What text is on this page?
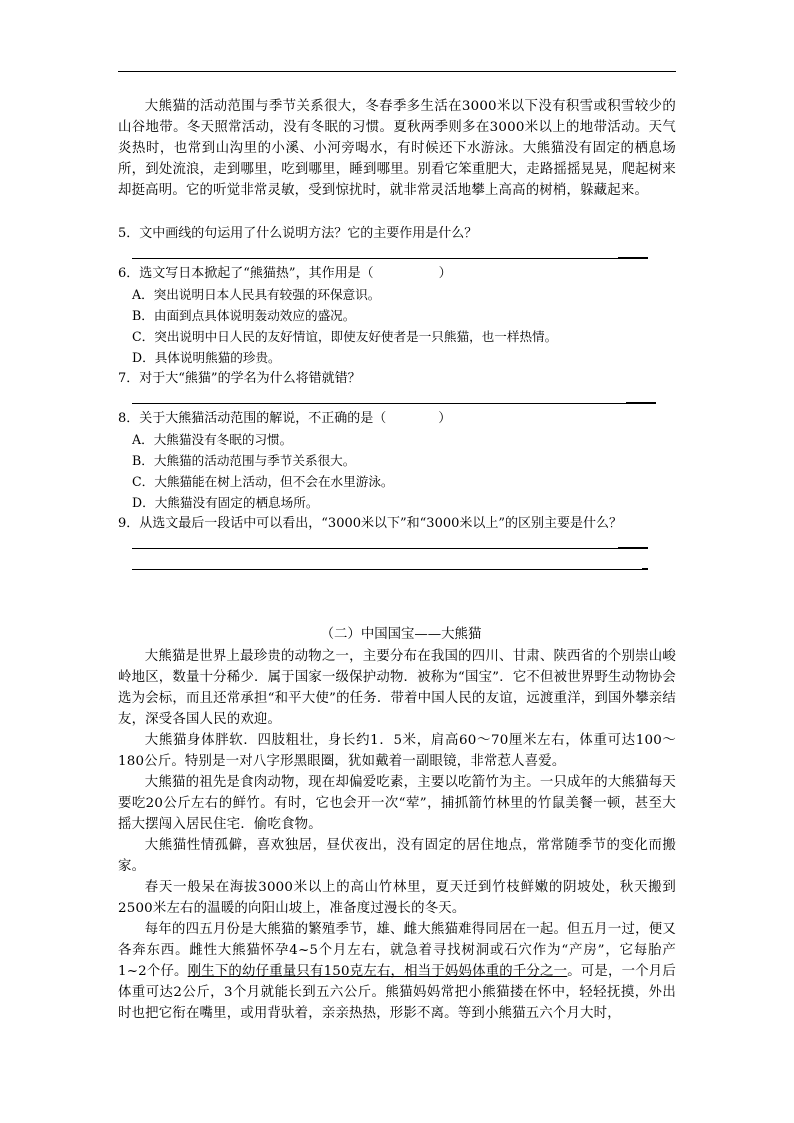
大熊猫的活动范围与季节关系很大，冬春季多生活在3000米以下没有积雪或积雪较少的山谷地带。冬天照常活动，没有冬眠的习惯。夏秋两季则多在3000米以上的地带活动。天气炎热时，也常到山沟里的小溪、小河旁喝水，有时候还下水游泳。大熊猫没有固定的栖息场所，到处流浪，走到哪里，吃到哪里，睡到哪里。别看它笨重肥大，走路摇摇晃晃，爬起树来却挺高明。它的听觉非常灵敏，受到惊扰时，就非常灵活地攀上高高的树梢，躲藏起来。

5．文中画线的句运用了什么说明方法？它的主要作用是什么？

6．选文写日本掀起了“熊猫热”，其作用是（　　　　　）

A．突出说明日本人民具有较强的环保意识。

B．由面到点具体说明轰动效应的盛况。

C．突出说明中日人民的友好情谊，即使友好使者是一只熊猫，也一样热情。

D．具体说明熊猫的珍贵。

7．对于大“熊猫”的学名为什么将错就错？

8．关于大熊猫活动范围的解说，不正确的是（　　　　）

A．大熊猫没有冬眠的习惯。

B．大熊猫的活动范围与季节关系很大。

C．大熊猫能在树上活动，但不会在水里游泳。

D．大熊猫没有固定的栖息场所。

9．从选文最后一段话中可以看出，“3000米以下”和“3000米以上”的区别主要是什么？

（二）中国国宝——大熊猫

大熊猫是世界上最珍贵的动物之一，主要分布在我国的四川、甘肃、陕西省的个别崇山峻岭地区，数量十分稀少．属于国家一级保护动物．被称为“国宝”．它不但被世界野生动物协会选为会标，而且还常承担“和平大使”的任务．带着中国人民的友谊，远渡重洋，到国外攀亲结友，深受各国人民的欢迎。

大熊猫身体胖软．四肢粗壮，身长约1．5米，肩高60～70厘米左右，体重可达100～180公斤。特别是一对八字形黑眼圈，犹如戴着一副眼镜，非常惹人喜爱。

大熊猫的祖先是食肉动物，现在却偏爱吃素，主要以吃箭竹为主。一只成年的大熊猫每天要吃20公斤左右的鲜竹。有时，它也会开一次“荤”，捕抓箭竹林里的竹鼠美餐一顿，甚至大摇大摆闯入居民住宅．偷吃食物。

大熊猫性情孤僻，喜欢独居，昼伏夜出，没有固定的居住地点，常常随季节的变化而搬家。

春天一般呆在海拔3000米以上的高山竹林里，夏天迁到竹枝鲜嫩的阴坡处，秋天搬到2500米左右的温暖的向阳山坡上，准备度过漫长的冬天。

每年的四五月份是大熊猫的繁殖季节，雄、雌大熊猫难得同居在一起。但五月一过，便又各奔东西。雌性大熊猫怀孕4~5个月左右，就急着寻找树洞或石穴作为“产房”，它每胎产1~2个仔。刚生下的幼仔重量只有150克左右，相当于妈妈体重的千分之一。可是，一个月后体重可达2公斤，3个月就能长到五六公斤。熊猫妈妈常把小熊猫搂在怀中，轻轻抚摸，外出时也把它衔在嘴里，或用背驮着，亲亲热热，形影不离。等到小熊猫五六个月大时，
